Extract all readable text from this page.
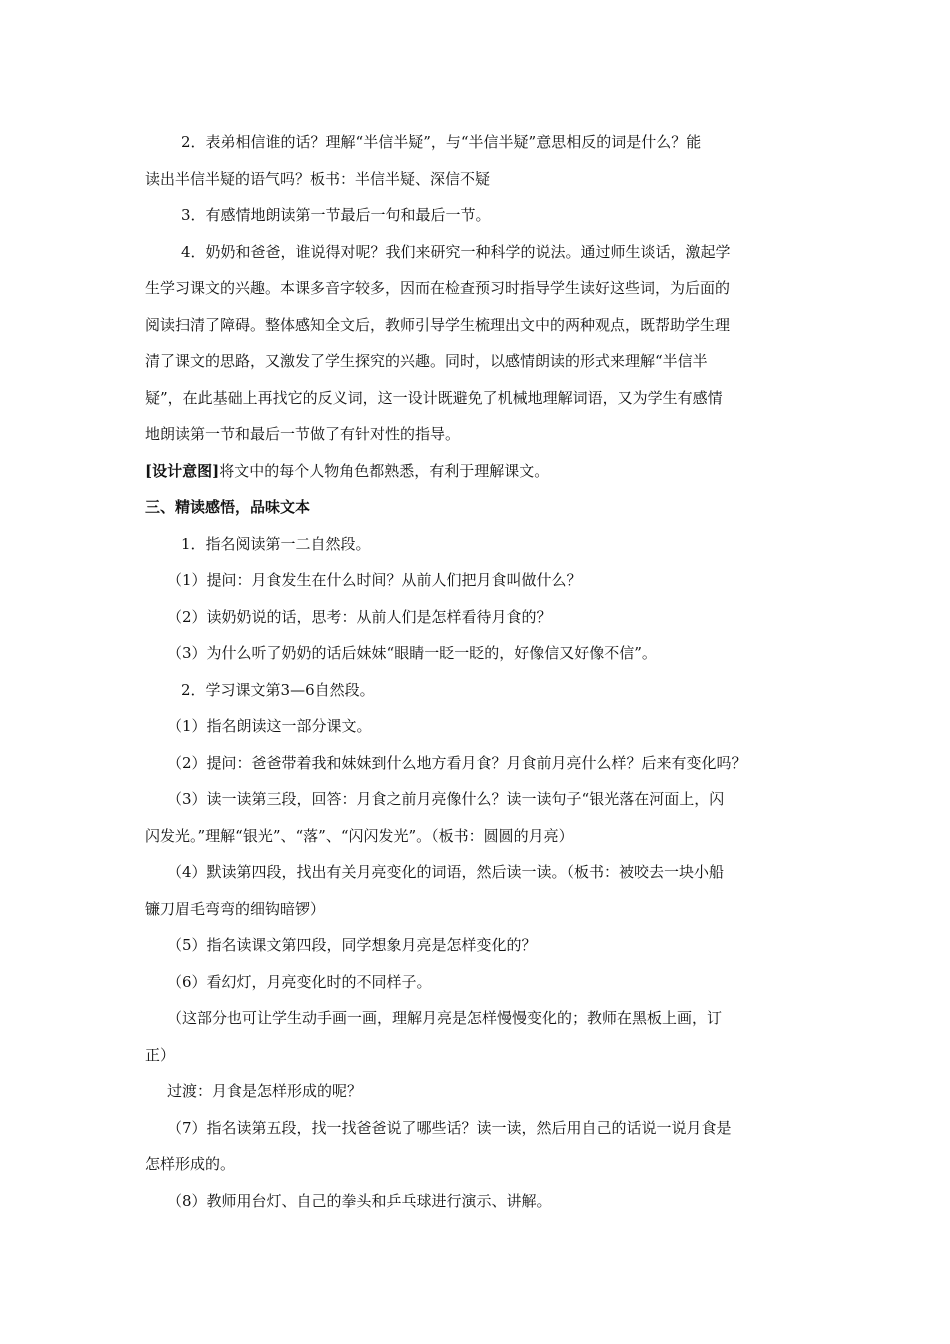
2．表弟相信谁的话？理解“半信半疑”，与“半信半疑”意思相反的词是什么？能

读出半信半疑的语气吗？板书：半信半疑、深信不疑

3．有感情地朗读第一节最后一句和最后一节。

4．奶奶和爸爸，谁说得对呢？我们来研究一种科学的说法。通过师生谈话，激起学

生学习课文的兴趣。本课多音字较多，因而在检查预习时指导学生读好这些词，为后面的

阅读扫清了障碍。整体感知全文后，教师引导学生梳理出文中的两种观点，既帮助学生理

清了课文的思路，又激发了学生探究的兴趣。同时，以感情朗读的形式来理解“半信半

疑”，在此基础上再找它的反义词，这一设计既避免了机械地理解词语，又为学生有感情

地朗读第一节和最后一节做了有针对性的指导。

[设计意图]将文中的每个人物角色都熟悉，有利于理解课文。

三、精读感悟，品味文本

1．指名阅读第一二自然段。

（1）提问：月食发生在什么时间？从前人们把月食叫做什么？

（2）读奶奶说的话，思考：从前人们是怎样看待月食的？

（3）为什么听了奶奶的话后妹妹“眼睛一眨一眨的，好像信又好像不信”。

2．学习课文第3—6自然段。

（1）指名朗读这一部分课文。

（2）提问：爸爸带着我和妹妹到什么地方看月食？月食前月亮什么样？后来有变化吗？

（3）读一读第三段，回答：月食之前月亮像什么？读一读句子“银光落在河面上，闪

闪发光。”理解“银光”、“落”、“闪闪发光”。（板书：圆圆的月亮）

（4）默读第四段，找出有关月亮变化的词语，然后读一读。（板书：被咬去一块小船

镰刀眉毛弯弯的细钩暗锣）

（5）指名读课文第四段，同学想象月亮是怎样变化的？

（6）看幻灯，月亮变化时的不同样子。

（这部分也可让学生动手画一画，理解月亮是怎样慢慢变化的；教师在黑板上画，订

正）

过渡：月食是怎样形成的呢？

（7）指名读第五段，找一找爸爸说了哪些话？读一读，然后用自己的话说一说月食是

怎样形成的。

（8）教师用台灯、自己的拳头和乒乓球进行演示、讲解。
